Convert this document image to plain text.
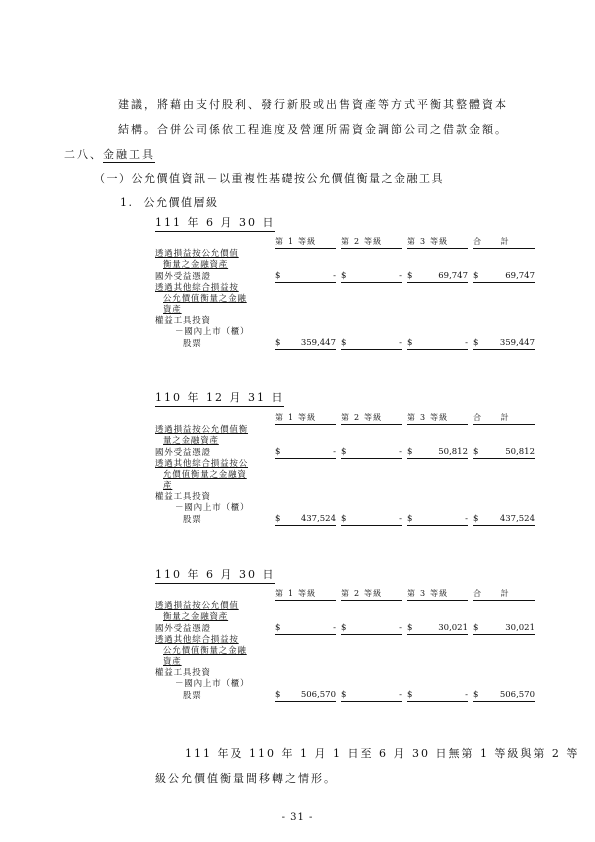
建議，將藉由支付股利、發行新股或出售資產等方式平衡其整體資本
結構。合併公司係依工程進度及營運所需資金調節公司之借款金額。
二八、金融工具
（一）公允價值資訊－以重複性基礎按公允價值衡量之金融工具
1. 公允價值層級
111 年 6 月 30 日

	第 1 等級	第 2 等級	第 3 等級	合　　計

透過損益按公允價值				
衡量之金融資產				
國外受益憑證	$ -	$ -	$ 69,747	$ 69,747

透過其他綜合損益按				
公允價值衡量之金融				
資產				
權益工具投資				
－國內上市（櫃）				
股票	$ 359,447	$ -	$ -	$ 359,447
110 年 12 月 31 日

	第 1 等級	第 2 等級	第 3 等級	合　　計

透過損益按公允價值衡				
量之金融資產				
國外受益憑證	$ -	$ -	$ 50,812	$ 50,812

透過其他綜合損益按公				
允價值衡量之金融資				
產				
權益工具投資				
－國內上市（櫃）				
股票	$ 437,524	$ -	$ -	$ 437,524
110 年 6 月 30 日

	第 1 等級	第 2 等級	第 3 等級	合　　計

透過損益按公允價值				
衡量之金融資產				
國外受益憑證	$ -	$ -	$ 30,021	$ 30,021

透過其他綜合損益按				
公允價值衡量之金融				
資產				
權益工具投資				
－國內上市（櫃）				
股票	$ 506,570	$ -	$ -	$ 506,570
111 年及 110 年 1 月 1 日至 6 月 30 日無第 1 等級與第 2 等
級公允價值衡量間移轉之情形。
- 31 -
